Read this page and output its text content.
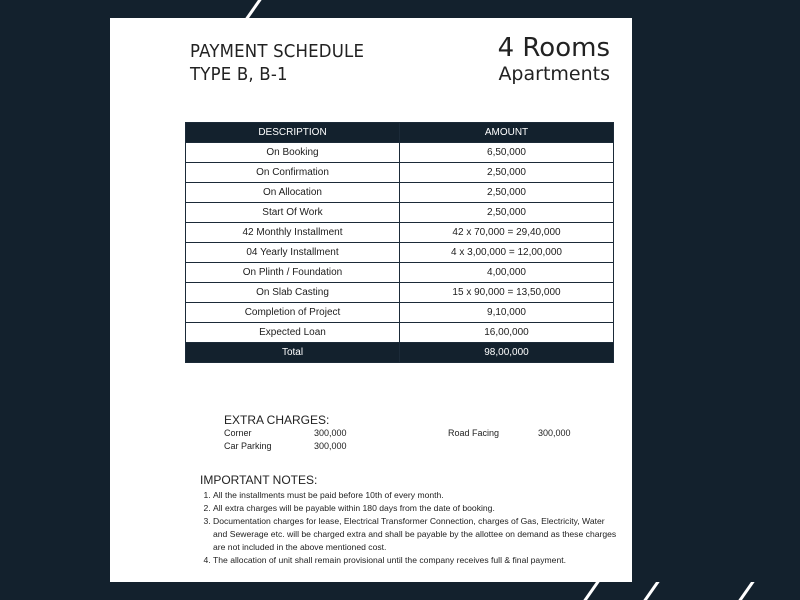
PAYMENT SCHEDULE
TYPE B, B-1
4 Rooms
Apartments
DESCRIPTION	AMOUNT
On Booking	6,50,000
On Confirmation	2,50,000
On Allocation	2,50,000
Start Of Work	2,50,000
42 Monthly Installment	42 x 70,000 = 29,40,000
04 Yearly Installment	4 x 3,00,000 = 12,00,000
On Plinth / Foundation	4,00,000
On Slab Casting	15 x 90,000 = 13,50,000
Completion of Project	9,10,000
Expected Loan	16,00,000
Total	98,00,000
EXTRA CHARGES:
Corner	300,000	Road Facing	300,000
Car Parking	300,000
IMPORTANT NOTES:
1. All the installments must be paid before 10th of every month.
2. All extra charges will be payable within 180 days from the date of booking.
3. Documentation charges for lease, Electrical Transformer Connection, charges of Gas, Electricity, Water and Sewerage etc. will be charged extra and shall be payable by the allottee on demand as these charges are not included in the above mentioned cost.
4. The allocation of unit shall remain provisional until the company receives full & final payment.
